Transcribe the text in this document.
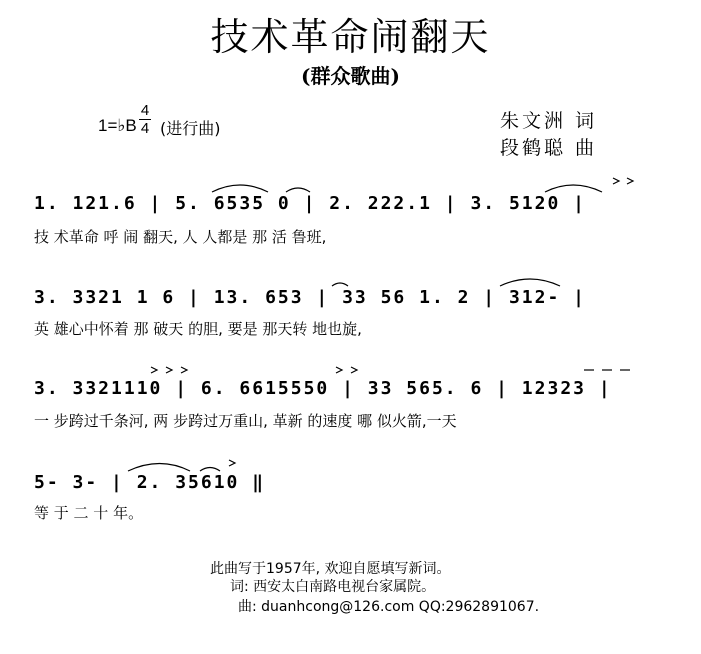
技术革命闹翻天
(群众歌曲)
1=♭B
4
4 (进行曲)	朱文洲 词
段鹤聪 曲
1. 121.6 | 5. 6535 0 | 2. 222.1 | 3. 5120 |
技 术革命 呼 闹 翻天, 人 人都是 那 活 鲁班,
3. 3321 1 6 | 13. 653 | 33 56 1. 2 | 312- |
英 雄心中怀着 那 破天 的胆, 要是 那天转 地也旋,
3. 3321110 | 6. 6615550 | 33 565. 6 | 12323 |
一 步跨过千条河, 两 步跨过万重山, 革新 的速度 哪 似火箭,一天
5- 3- | 2. 35610 ‖
等 于 二 十 年。
此曲写于1957年, 欢迎自愿填写新词。
词: 西安太白南路电视台家属院。
曲: duanhcong@126.com QQ:2962891067.
